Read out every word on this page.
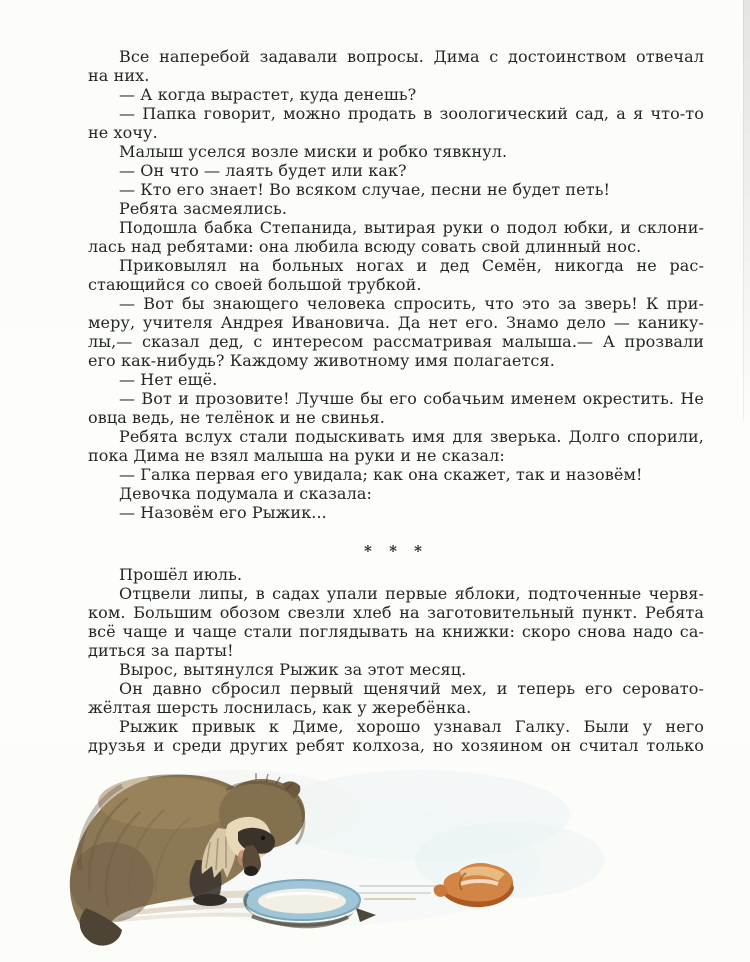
Все наперебой задавали вопросы. Дима с достоинством отвечал
на них.
— А когда вырастет, куда денешь?
— Папка говорит, можно продать в зоологический сад, а я что-то
не хочу.
Малыш уселся возле миски и робко тявкнул.
— Он что — лаять будет или как?
— Кто его знает! Во всяком случае, песни не будет петь!
Ребята засмеялись.
Подошла бабка Степанида, вытирая руки о подол юбки, и склони-
лась над ребятами: она любила всюду совать свой длинный нос.
Приковылял на больных ногах и дед Семён, никогда не рас-
стающийся со своей большой трубкой.
— Вот бы знающего человека спросить, что это за зверь! К при-
меру, учителя Андрея Ивановича. Да нет его. Знамо дело — канику-
лы,— сказал дед, с интересом рассматривая малыша.— А прозвали
его как-нибудь? Каждому животному имя полагается.
— Нет ещё.
— Вот и прозовите! Лучше бы его собачьим именем окрестить. Не
овца ведь, не телёнок и не свинья.
Ребята вслух стали подыскивать имя для зверька. Долго спорили,
пока Дима не взял малыша на руки и не сказал:
— Галка первая его увидала; как она скажет, так и назовём!
Девочка подумала и сказала:
— Назовём его Рыжик...
* * *
Прошёл июль.
Отцвели липы, в садах упали первые яблоки, подточенные червя-
ком. Большим обозом свезли хлеб на заготовительный пункт. Ребята
всё чаще и чаще стали поглядывать на книжки: скоро снова надо са-
диться за парты!
Вырос, вытянулся Рыжик за этот месяц.
Он давно сбросил первый щенячий мех, и теперь его серовато-
жёлтая шерсть лоснилась, как у жеребёнка.
Рыжик привык к Диме, хорошо узнавал Галку. Были у него
друзья и среди других ребят колхоза, но хозяином он считал только
